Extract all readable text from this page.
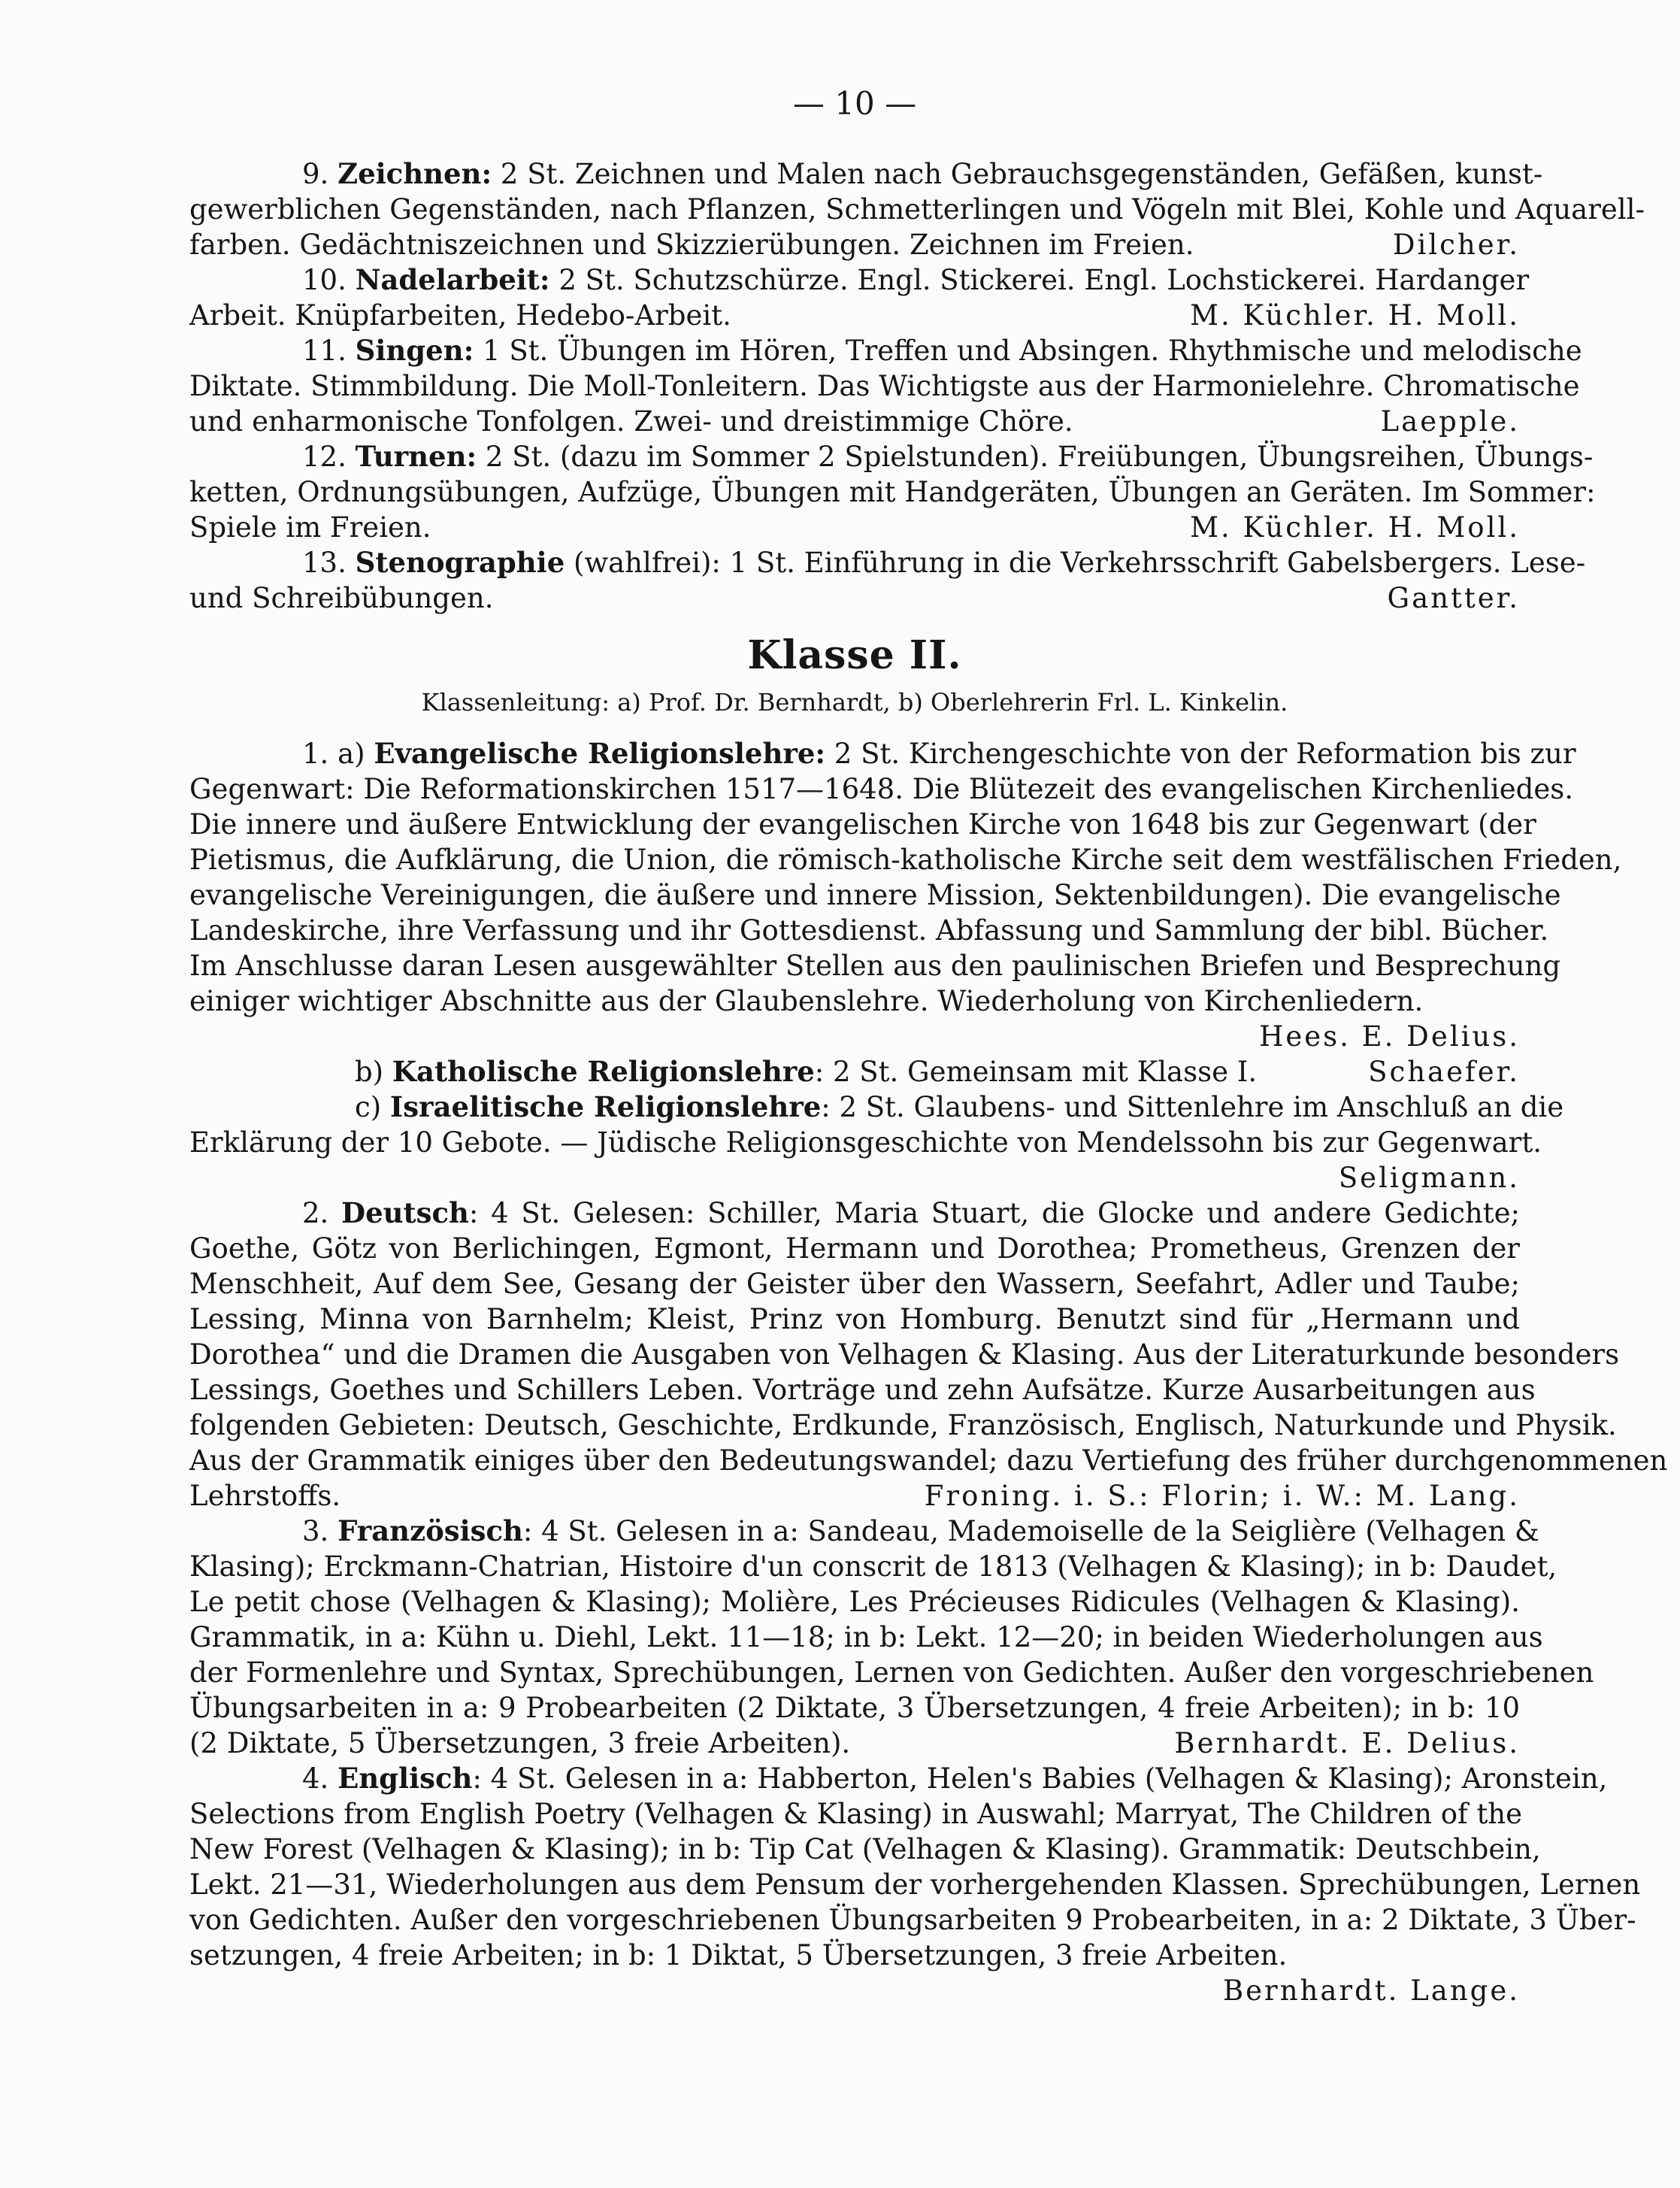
— 10 —
9. Zeichnen: 2 St. Zeichnen und Malen nach Gebrauchsgegenständen, Gefäßen, kunst-
gewerblichen Gegenständen, nach Pflanzen, Schmetterlingen und Vögeln mit Blei, Kohle und Aquarell-
farben. Gedächtniszeichnen und Skizzierübungen. Zeichnen im Freien.	Dilcher.
10. Nadelarbeit: 2 St. Schutzschürze. Engl. Stickerei. Engl. Lochstickerei. Hardanger
Arbeit. Knüpfarbeiten, Hedebo-Arbeit.	M. Küchler. H. Moll.
11. Singen: 1 St. Übungen im Hören, Treffen und Absingen. Rhythmische und melodische
Diktate. Stimmbildung. Die Moll-Tonleitern. Das Wichtigste aus der Harmonielehre. Chromatische
und enharmonische Tonfolgen. Zwei- und dreistimmige Chöre.	Laepple.
12. Turnen: 2 St. (dazu im Sommer 2 Spielstunden). Freiübungen, Übungsreihen, Übungs-
ketten, Ordnungsübungen, Aufzüge, Übungen mit Handgeräten, Übungen an Geräten. Im Sommer:
Spiele im Freien.	M. Küchler. H. Moll.
13. Stenographie (wahlfrei): 1 St. Einführung in die Verkehrsschrift Gabelsbergers. Lese-
und Schreibübungen.	Gantter.
Klasse II.
Klassenleitung: a) Prof. Dr. Bernhardt, b) Oberlehrerin Frl. L. Kinkelin.
1. a) Evangelische Religionslehre: 2 St. Kirchengeschichte von der Reformation bis zur
Gegenwart: Die Reformationskirchen 1517—1648. Die Blütezeit des evangelischen Kirchenliedes.
Die innere und äußere Entwicklung der evangelischen Kirche von 1648 bis zur Gegenwart (der
Pietismus, die Aufklärung, die Union, die römisch-katholische Kirche seit dem westfälischen Frieden,
evangelische Vereinigungen, die äußere und innere Mission, Sektenbildungen). Die evangelische
Landeskirche, ihre Verfassung und ihr Gottesdienst. Abfassung und Sammlung der bibl. Bücher.
Im Anschlusse daran Lesen ausgewählter Stellen aus den paulinischen Briefen und Besprechung
einiger wichtiger Abschnitte aus der Glaubenslehre. Wiederholung von Kirchenliedern.
Hees. E. Delius.
b) Katholische Religionslehre: 2 St. Gemeinsam mit Klasse I.	Schaefer.
c) Israelitische Religionslehre: 2 St. Glaubens- und Sittenlehre im Anschluß an die
Erklärung der 10 Gebote. — Jüdische Religionsgeschichte von Mendelssohn bis zur Gegenwart.
Seligmann.
2. Deutsch: 4 St. Gelesen: Schiller, Maria Stuart, die Glocke und andere Gedichte;
Goethe, Götz von Berlichingen, Egmont, Hermann und Dorothea; Prometheus, Grenzen der
Menschheit, Auf dem See, Gesang der Geister über den Wassern, Seefahrt, Adler und Taube;
Lessing, Minna von Barnhelm; Kleist, Prinz von Homburg. Benutzt sind für „Hermann und
Dorothea“ und die Dramen die Ausgaben von Velhagen & Klasing. Aus der Literaturkunde besonders
Lessings, Goethes und Schillers Leben. Vorträge und zehn Aufsätze. Kurze Ausarbeitungen aus
folgenden Gebieten: Deutsch, Geschichte, Erdkunde, Französisch, Englisch, Naturkunde und Physik.
Aus der Grammatik einiges über den Bedeutungswandel; dazu Vertiefung des früher durchgenommenen
Lehrstoffs.	Froning. i. S.: Florin; i. W.: M. Lang.
3. Französisch: 4 St. Gelesen in a: Sandeau, Mademoiselle de la Seiglière (Velhagen &
Klasing); Erckmann-Chatrian, Histoire d'un conscrit de 1813 (Velhagen & Klasing); in b: Daudet,
Le petit chose (Velhagen & Klasing); Molière, Les Précieuses Ridicules (Velhagen & Klasing).
Grammatik, in a: Kühn u. Diehl, Lekt. 11—18; in b: Lekt. 12—20; in beiden Wiederholungen aus
der Formenlehre und Syntax, Sprechübungen, Lernen von Gedichten. Außer den vorgeschriebenen
Übungsarbeiten in a: 9 Probearbeiten (2 Diktate, 3 Übersetzungen, 4 freie Arbeiten); in b: 10
(2 Diktate, 5 Übersetzungen, 3 freie Arbeiten).	Bernhardt. E. Delius.
4. Englisch: 4 St. Gelesen in a: Habberton, Helen's Babies (Velhagen & Klasing); Aronstein,
Selections from English Poetry (Velhagen & Klasing) in Auswahl; Marryat, The Children of the
New Forest (Velhagen & Klasing); in b: Tip Cat (Velhagen & Klasing). Grammatik: Deutschbein,
Lekt. 21—31, Wiederholungen aus dem Pensum der vorhergehenden Klassen. Sprechübungen, Lernen
von Gedichten. Außer den vorgeschriebenen Übungsarbeiten 9 Probearbeiten, in a: 2 Diktate, 3 Über-
setzungen, 4 freie Arbeiten; in b: 1 Diktat, 5 Übersetzungen, 3 freie Arbeiten.
Bernhardt. Lange.
